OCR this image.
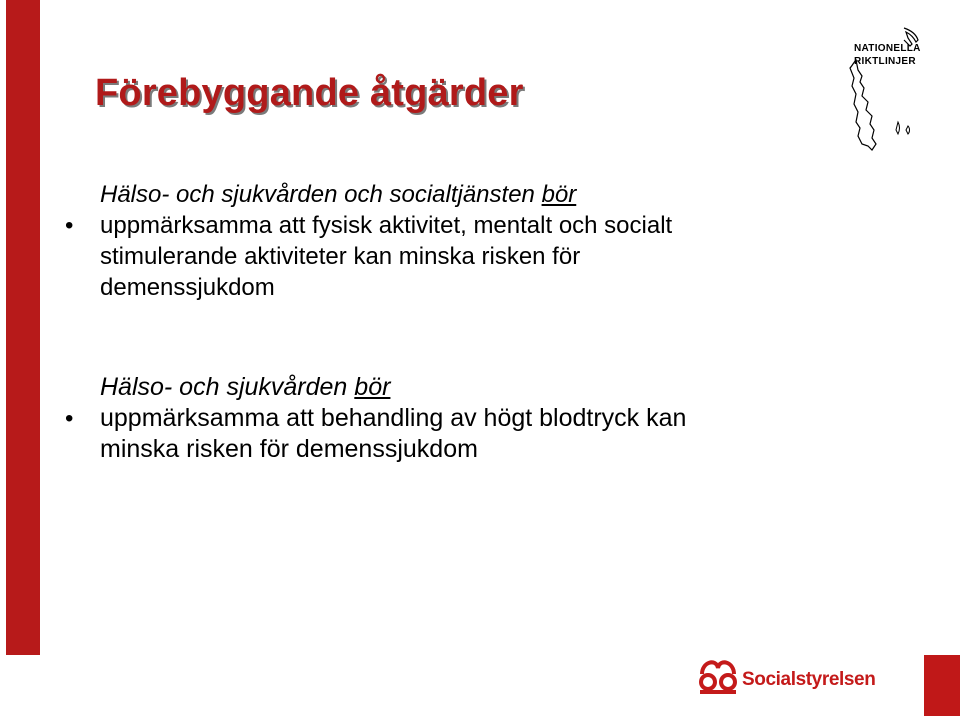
Förebyggande åtgärder
NATIONELLA
RIKTLINJER
Hälso- och sjukvården och socialtjänsten bör
• uppmärksamma att fysisk aktivitet, mentalt och socialt
stimulerande aktiviteter kan minska risken för
demenssjukdom
Hälso- och sjukvården bör
• uppmärksamma att behandling av högt blodtryck kan
minska risken för demenssjukdom
Socialstyrelsen
